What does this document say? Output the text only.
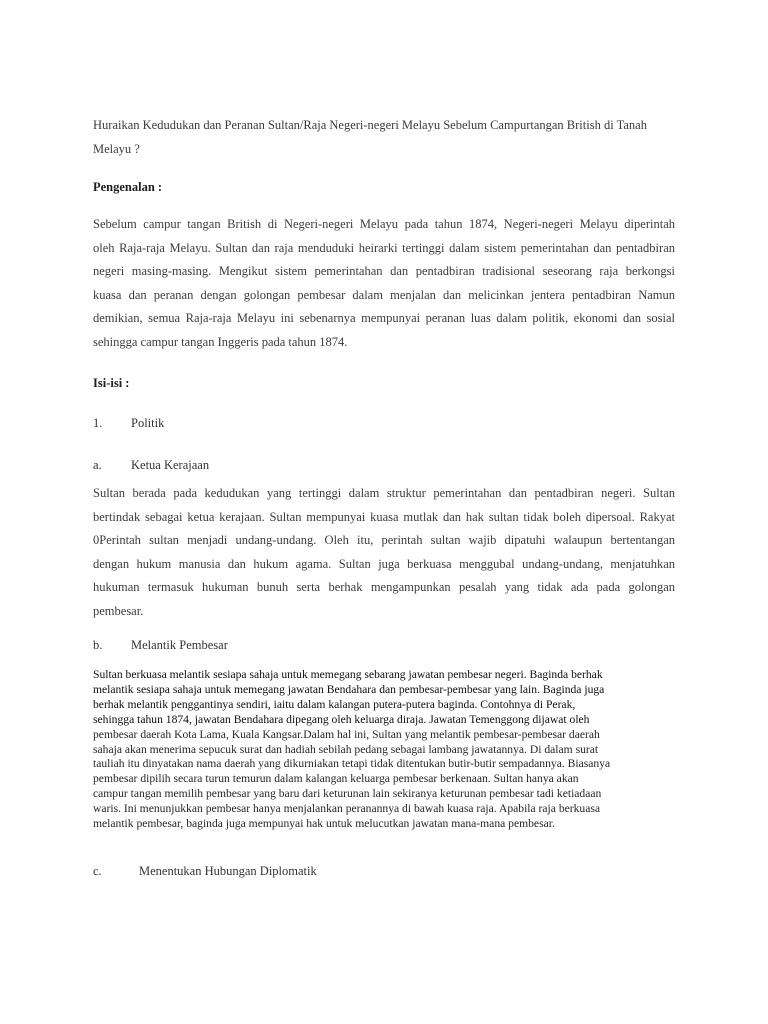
Huraikan Kedudukan dan Peranan Sultan/Raja Negeri-negeri Melayu Sebelum Campurtangan British di Tanah
Melayu ?

Pengenalan :

Sebelum campur tangan British di Negeri-negeri Melayu pada tahun 1874, Negeri-negeri Melayu diperintah
oleh Raja-raja Melayu. Sultan dan raja menduduki heirarki tertinggi dalam sistem pemerintahan dan pentadbiran
negeri masing-masing. Mengikut sistem pemerintahan dan pentadbiran tradisional seseorang raja berkongsi
kuasa dan peranan dengan golongan pembesar dalam menjalan dan melicinkan jentera pentadbiran Namun
demikian, semua Raja-raja Melayu ini sebenarnya mempunyai peranan luas dalam politik, ekonomi dan sosial
sehingga campur tangan Inggeris pada tahun 1874.

Isi-isi :

1. Politik

a. Ketua Kerajaan

Sultan berada pada kedudukan yang tertinggi dalam struktur pemerintahan dan pentadbiran negeri. Sultan
bertindak sebagai ketua kerajaan. Sultan mempunyai kuasa mutlak dan hak sultan tidak boleh dipersoal. Rakyat
0Perintah sultan menjadi undang-undang. Oleh itu, perintah sultan wajib dipatuhi walaupun bertentangan
dengan hukum manusia dan hukum agama. Sultan juga berkuasa menggubal undang-undang, menjatuhkan
hukuman termasuk hukuman bunuh serta berhak mengampunkan pesalah yang tidak ada pada golongan
pembesar.

b. Melantik Pembesar

Sultan berkuasa melantik sesiapa sahaja untuk memegang sebarang jawatan pembesar negeri. Baginda berhak
melantik sesiapa sahaja untuk memegang jawatan Bendahara dan pembesar-pembesar yang lain. Baginda juga
berhak melantik penggantinya sendiri, iaitu dalam kalangan putera-putera baginda. Contohnya di Perak,
sehingga tahun 1874, jawatan Bendahara dipegang oleh keluarga diraja. Jawatan Temenggong dijawat oleh
pembesar daerah Kota Lama, Kuala Kangsar.Dalam hal ini, Sultan yang melantik pembesar-pembesar daerah
sahaja akan menerima sepucuk surat dan hadiah sebilah pedang sebagai lambang jawatannya. Di dalam surat
tauliah itu dinyatakan nama daerah yang dikurniakan tetapi tidak ditentukan butir-butir sempadannya. Biasanya
pembesar dipilih secara turun temurun dalam kalangan keluarga pembesar berkenaan. Sultan hanya akan
campur tangan memilih pembesar yang baru dari keturunan lain sekiranya keturunan pembesar tadi ketiadaan
waris. Ini menunjukkan pembesar hanya menjalankan peranannya di bawah kuasa raja. Apabila raja berkuasa
melantik pembesar, baginda juga mempunyai hak untuk melucutkan jawatan mana-mana pembesar.

c.	Menentukan Hubungan Diplomatik
